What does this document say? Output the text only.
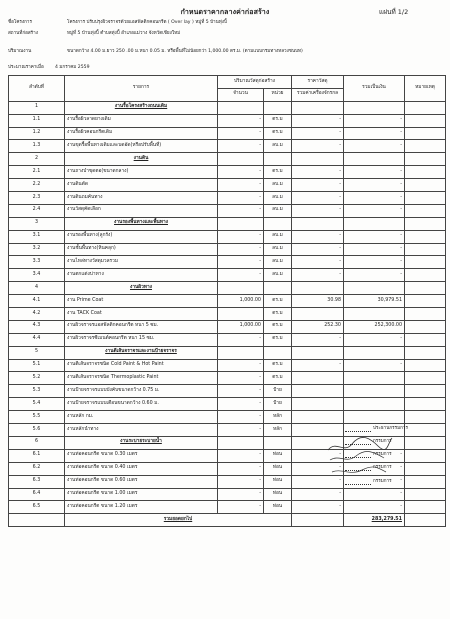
กำหนดราคากลางค่าก่อสร้าง	แผ่นที่ 1/2
ชื่อโครงการ	โครงการ ปรับปรุงผิวจราจรด้วยแอสฟัลติกคอนกรีต ( Over lay ) หมู่ที่ 5 บ้านทุ่งปี้
สถานที่ก่อสร้าง	หมู่ที่ 5 บ้านทุ่งปี้ ตำบลทุ่งปี้ อำเภอแม่วาง จังหวัดเชียงใหม่
ปริมาณงาน	ขนาดกว้าง 4.00 ม.ยาว 250 .00 ม.หนา 0.05 ม. หรือพื้นที่ไม่น้อยกว่า 1,000.00 ตร.ม. (ตามแบบกรมทางหลวงชนบท)
ประมาณราคาเมื่อ 4 มกราคม 2559
ลำดับที่	รายการ	ปริมาณวัสดุก่อสร้าง		ราคาวัสดุ	รวมเป็นเงิน	หมายเหตุ
		จำนวน	หน่วย	รวมค่าเครื่องจักรกล		
1	งานรื้อโครงสร้างถนนเดิม					
1.1	งานรื้อผิวลาดยางเดิม	-	ตร.ม	-	-	
1.2	งานรื้อผิวคอนกรีตเดิม	-	ตร.ม	-	-	
1.3	งานขุดรื้อพื้นทางเดิมและบดอัด(หรือปรับพื้นที่)	-	ลบ.ม	-	-	
2	งานดิน					
2.1	งานถางป่าขุดตอ(ขนาดกลาง)	-	ตร.ม	-	-	
2.2	งานดินตัด	-	ลบ.ม	-	-	
2.3	งานดินถมคันทาง	-	ลบ.ม	-	-	
2.4	งานวัสดุคัดเลือก	-	ลบ.ม	-	-	
3	งานรองพื้นทางและพื้นทาง					
3.1	งานรองพื้นทาง(ลูกรัง)	-	ลบ.ม	-	-	
3.2	งานชั้นพื้นทาง(หินคลุก)	-	ลบ.ม	-	-	
3.3	งานไหล่ทางวัสดุมวลรวม	-	ลบ.ม	-	-	
3.4	งานตกแต่งบ่าทาง	-	ลบ.ม	-	-	
4	งานผิวทาง					
4.1	งาน Prime Coat	1,000.00	ตร.ม	30.98	30,979.51	
4.2	งาน TACK Coat		ตร.ม			
4.3	งานผิวจราจรแอสฟัลติกคอนกรีต หนา 5 ซม.	1,000.00	ตร.ม	252.30	252,300.00	
4.4	งานผิวจราจรซีเมนต์คอนกรีต หนา 15 ซม.	-	ตร.ม	-	-	
5	งานตีเส้นจราจรและงานป้ายจราจร					
5.1	งานตีเส้นจราจรชนิด Cold Paint & Hot Paint	-	ตร.ม	-	-	
5.2	งานตีเส้นจราจรชนิด Thermoplastic Paint	-	ตร.ม			
5.3	งานป้ายจราจรแบบบังคับขนาดกว้าง 0.75 ม.	-	ป้าย			
5.4	งานป้ายจราจรแบบเตือนขนาดกว้าง 0.60 ม.	-	ป้าย			
5.5	งานหลัก กม.	-	หลัก			
5.6	งานหลักนำทาง	-	หลัก			
6	งานระบายระบายน้ำ					
6.1	งานท่อคอนกรีต ขนาด 0.30 เมตร	-	ท่อน	-	-	
6.2	งานท่อคอนกรีต ขนาด 0.40 เมตร	-	ท่อน	-	-	
6.3	งานท่อคอนกรีต ขนาด 0.60 เมตร	-	ท่อน	-	-	
6.4	งานท่อคอนกรีต ขนาด 1.00 เมตร	-	ท่อน	-	-	
6.5	งานท่อคอนกรีต ขนาด 1.20 เมตร	-	ท่อน	-	-	
	รวมยอดยกไป				283,279.51	
ประธานกรรมการ
กรรมการ
กรรมการ
กรรมการ
กรรมการ
